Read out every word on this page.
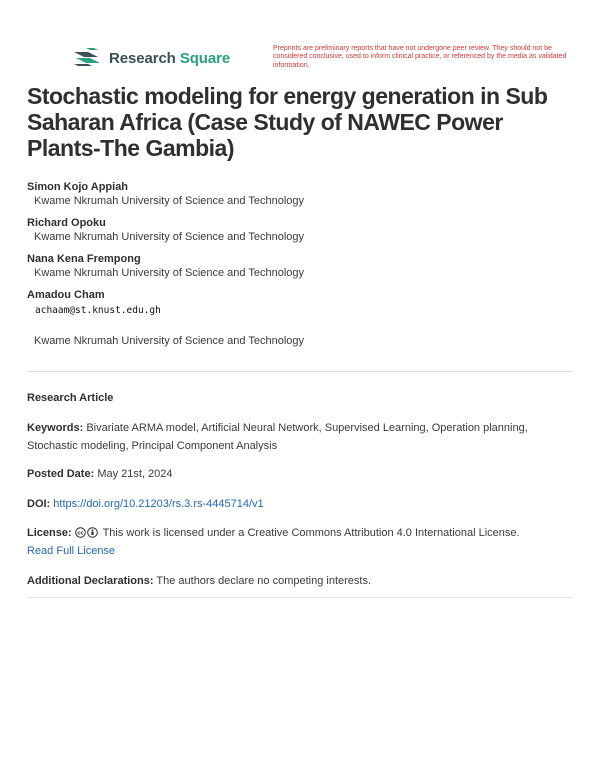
Research Square
Preprints are preliminary reports that have not undergone peer review. They should not be considered conclusive, used to inform clinical practice, or referenced by the media as validated information.
Stochastic modeling for energy generation in Sub Saharan Africa (Case Study of NAWEC Power Plants-The Gambia)
Simon Kojo Appiah
Kwame Nkrumah University of Science and Technology
Richard Opoku
Kwame Nkrumah University of Science and Technology
Nana Kena Frempong
Kwame Nkrumah University of Science and Technology
Amadou Cham
achaam@st.knust.edu.gh
Kwame Nkrumah University of Science and Technology
Research Article
Keywords: Bivariate ARMA model, Artificial Neural Network, Supervised Learning, Operation planning, Stochastic modeling, Principal Component Analysis
Posted Date: May 21st, 2024
DOI: https://doi.org/10.21203/rs.3.rs-4445714/v1
License: cc This work is licensed under a Creative Commons Attribution 4.0 International License.
Read Full License
Additional Declarations: The authors declare no competing interests.
